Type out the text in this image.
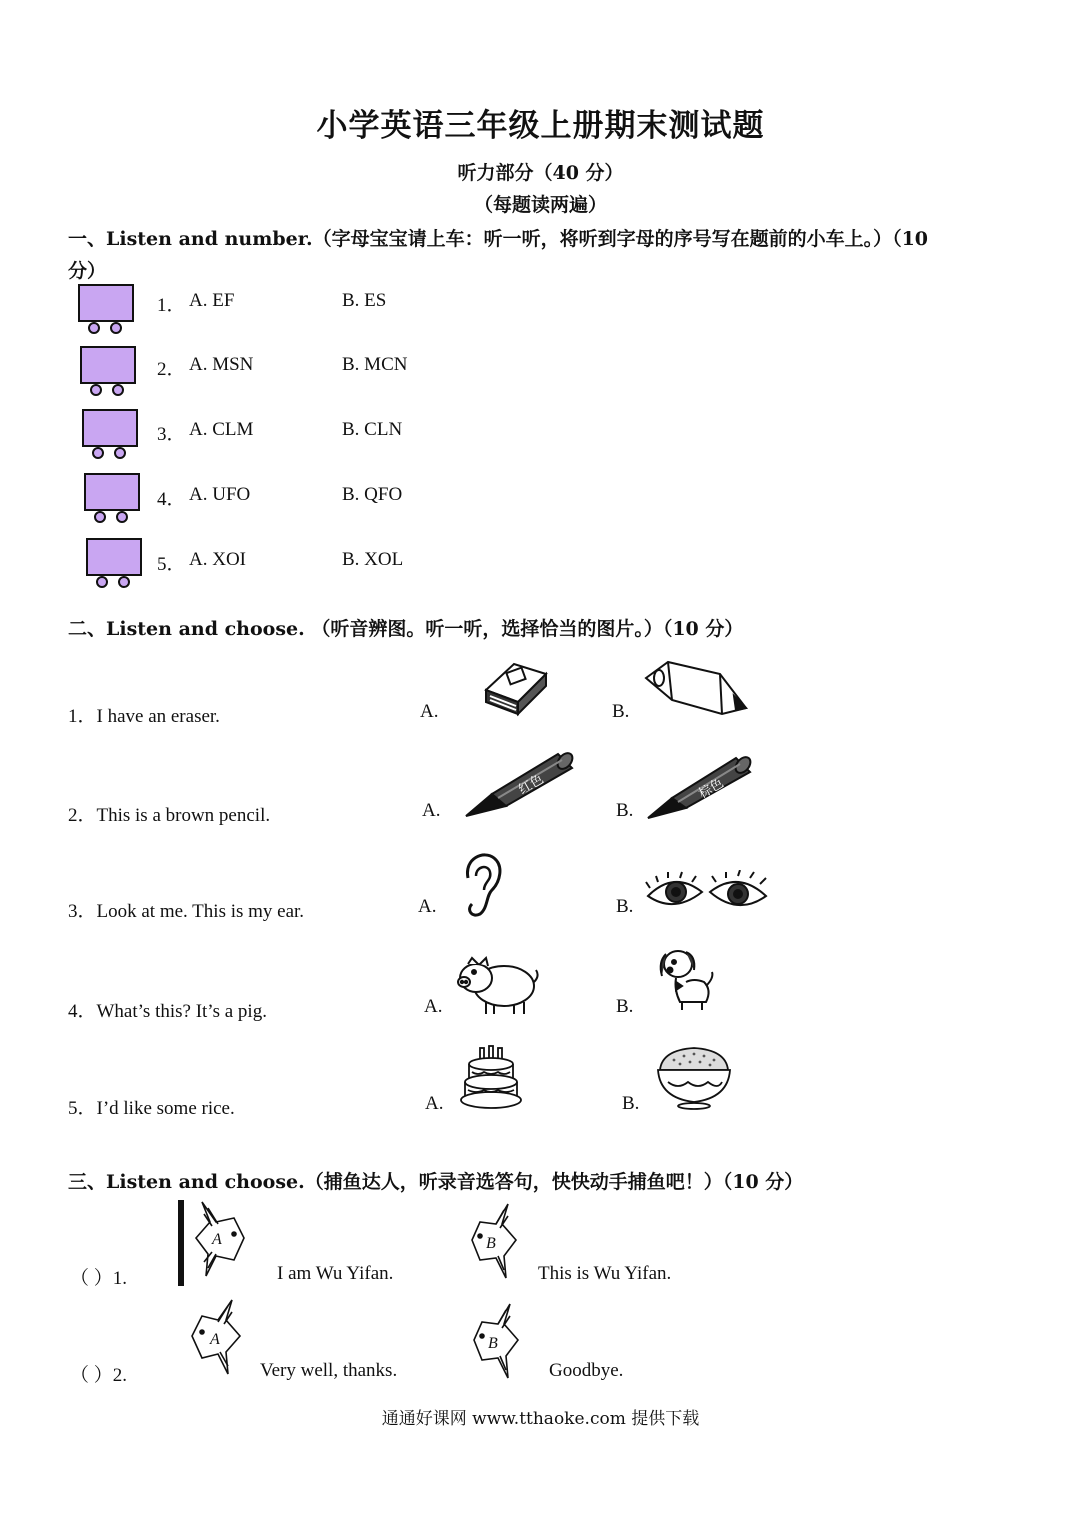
小学英语三年级上册期末测试题
听力部分（40 分）
（每题读两遍）
一、Listen and number.（字母宝宝请上车：听一听，将听到字母的序号写在题前的小车上。）（10
分）
1． A. EF	B. ES
2． A. MSN	B. MCN
3． A. CLM	B. CLN
4． A. UFO	B. QFO
5． A. XOI	B. XOL
二、Listen and choose. （听音辨图。听一听，选择恰当的图片。）（10 分）
1．I have an eraser.	A.	B.
2．This is a brown pencil.	A.	B.
红色	棕色
3．Look at me. This is my ear.	A.	B.
4．What’s this? It’s a pig.	A.	B.
5．I’d like some rice.	A.	B.
三、Listen and choose.（捕鱼达人，听录音选答句，快快动手捕鱼吧！）（10 分）
（ ）1.
A
I am Wu Yifan.
B
This is Wu Yifan.
（ ）2.
A
Very well, thanks.
B
Goodbye.
通通好课网 www.tthaoke.com 提供下载
